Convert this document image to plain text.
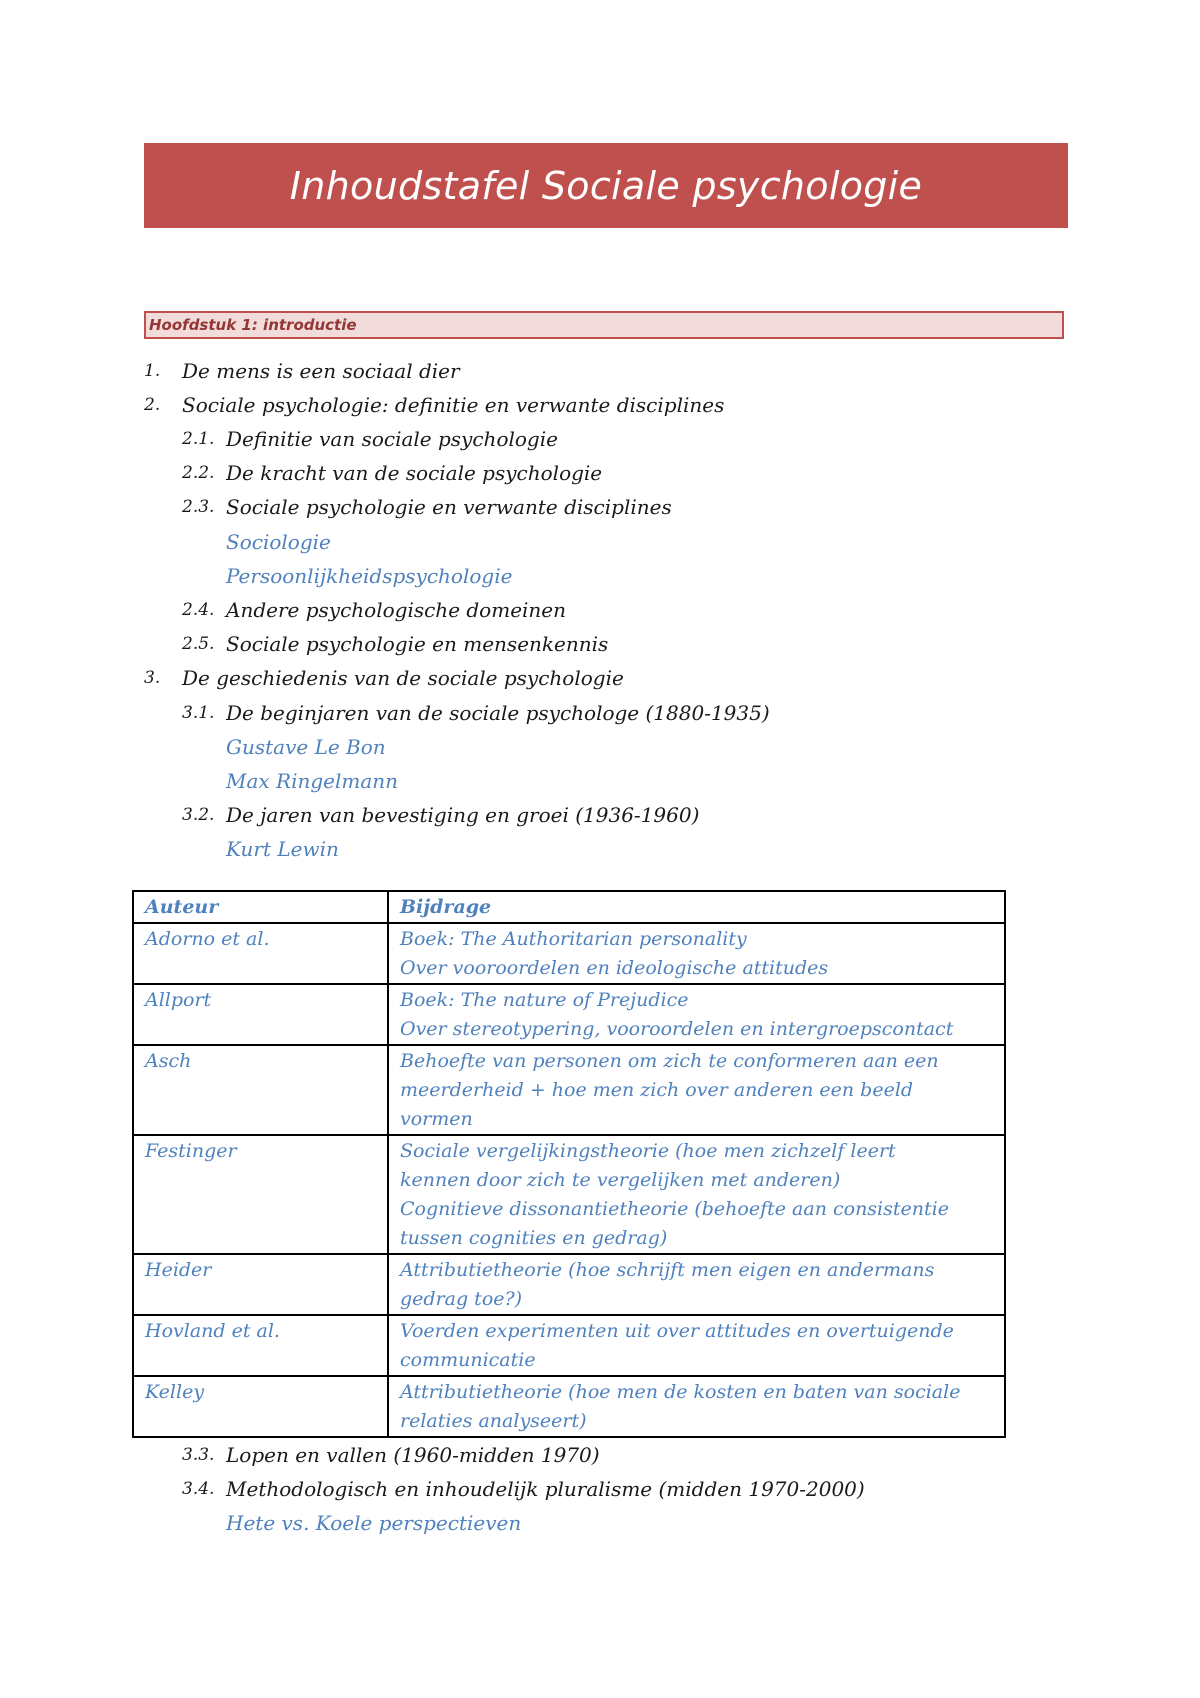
Inhoudstafel Sociale psychologie
Hoofdstuk 1: introductie
1. De mens is een sociaal dier
2. Sociale psychologie: definitie en verwante disciplines
2.1. Definitie van sociale psychologie
2.2. De kracht van de sociale psychologie
2.3. Sociale psychologie en verwante disciplines
Sociologie
Persoonlijkheidspsychologie
2.4. Andere psychologische domeinen
2.5. Sociale psychologie en mensenkennis
3. De geschiedenis van de sociale psychologie
3.1. De beginjaren van de sociale psychologe (1880-1935)
Gustave Le Bon
Max Ringelmann
3.2. De jaren van bevestiging en groei (1936-1960)
Kurt Lewin
Auteur	Bijdrage
Adorno et al.	Boek: The Authoritarian personality
Over vooroordelen en ideologische attitudes

Allport	Boek: The nature of Prejudice
Over stereotypering, vooroordelen en intergroepscontact

Asch	Behoefte van personen om zich te conformeren aan een
meerderheid + hoe men zich over anderen een beeld
vormen

Festinger	Sociale vergelijkingstheorie (hoe men zichzelf leert
kennen door zich te vergelijken met anderen)
Cognitieve dissonantietheorie (behoefte aan consistentie
tussen cognities en gedrag)

Heider	Attributietheorie (hoe schrijft men eigen en andermans
gedrag toe?)

Hovland et al.	Voerden experimenten uit over attitudes en overtuigende
communicatie

Kelley	Attributietheorie (hoe men de kosten en baten van sociale
relaties analyseert)
3.3. Lopen en vallen (1960-midden 1970)
3.4. Methodologisch en inhoudelijk pluralisme (midden 1970-2000)
Hete vs. Koele perspectieven
